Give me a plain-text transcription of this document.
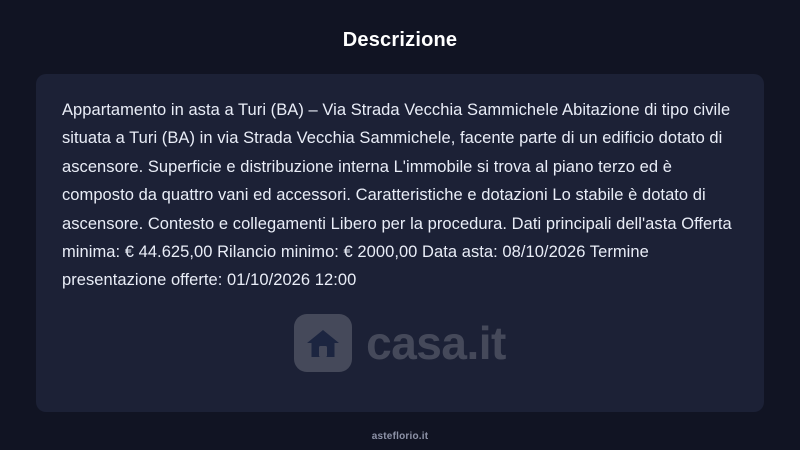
Descrizione

Appartamento in asta a Turi (BA) – Via Strada Vecchia Sammichele Abitazione di tipo civile situata a Turi (BA) in via Strada Vecchia Sammichele, facente parte di un edificio dotato di ascensore. Superficie e distribuzione interna L'immobile si trova al piano terzo ed è composto da quattro vani ed accessori. Caratteristiche e dotazioni Lo stabile è dotato di ascensore. Contesto e collegamenti Libero per la procedura. Dati principali dell'asta Offerta minima: € 44.625,00 Rilancio minimo: € 2000,00 Data asta: 08/10/2026 Termine presentazione offerte: 01/10/2026 12:00

casa.it
asteflorio.it
